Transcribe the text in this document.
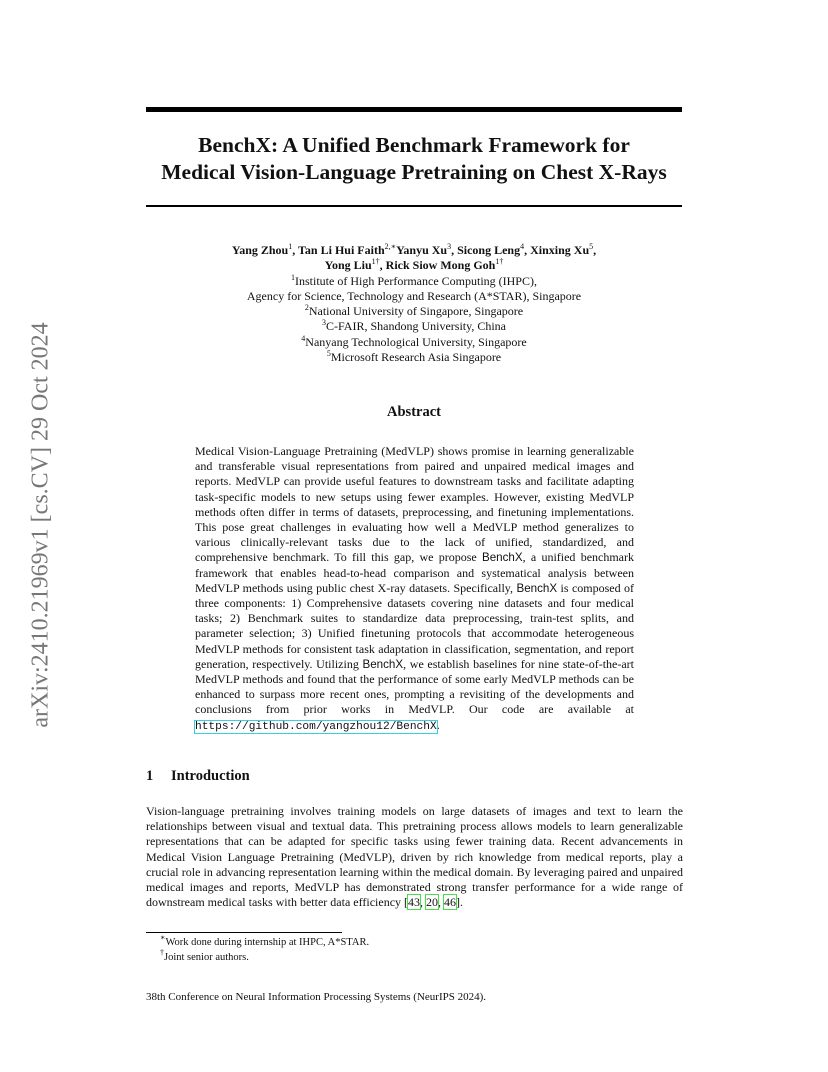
arXiv:2410.21969v1 [cs.CV] 29 Oct 2024
BenchX: A Unified Benchmark Framework for
Medical Vision-Language Pretraining on Chest X-Rays
Yang Zhou$^1$, Tan Li Hui Faith$^{2,∗}$Yanyu Xu$^3$, Sicong Leng$^4$, Xinxing Xu$^5$,
Yong Liu$^{1\dagger}$, Rick Siow Mong Goh$^{1\dagger}$
$^1$Institute of High Performance Computing (IHPC),
Agency for Science, Technology and Research (A*STAR), Singapore
$^2$National University of Singapore, Singapore
$^3$C-FAIR, Shandong University, China
$^4$Nanyang Technological University, Singapore
$^5$Microsoft Research Asia Singapore
Abstract
Medical Vision-Language Pretraining (MedVLP) shows promise in learning generalizable and transferable visual representations from paired and unpaired medical images and reports. MedVLP can provide useful features to downstream tasks and facilitate adapting task-specific models to new setups using fewer examples. However, existing MedVLP methods often differ in terms of datasets, preprocessing, and finetuning implementations. This pose great challenges in evaluating how well a MedVLP method generalizes to various clinically-relevant tasks due to the lack of unified, standardized, and comprehensive benchmark. To fill this gap, we propose BenchX, a unified benchmark framework that enables head-to-head comparison and systematical analysis between MedVLP methods using public chest X-ray datasets. Specifically, BenchX is composed of three components: 1) Comprehensive datasets covering nine datasets and four medical tasks; 2) Benchmark suites to standardize data preprocessing, train-test splits, and parameter selection; 3) Unified finetuning protocols that accommodate heterogeneous MedVLP methods for consistent task adaptation in classification, segmentation, and report generation, respectively. Utilizing BenchX, we establish baselines for nine state-of-the-art MedVLP methods and found that the performance of some early MedVLP methods can be enhanced to surpass more recent ones, prompting a revisiting of the developments and conclusions from prior works in MedVLP. Our code are available at https://github.com/yangzhou12/BenchX.
1 Introduction
Vision-language pretraining involves training models on large datasets of images and text to learn the relationships between visual and textual data. This pretraining process allows models to learn generalizable representations that can be adapted for specific tasks using fewer training data. Recent advancements in Medical Vision Language Pretraining (MedVLP), driven by rich knowledge from medical reports, play a crucial role in advancing representation learning within the medical domain. By leveraging paired and unpaired medical images and reports, MedVLP has demonstrated strong transfer performance for a wide range of downstream medical tasks with better data efficiency [43, 20, 46].
∗Work done during internship at IHPC, A*STAR.
†Joint senior authors.
38th Conference on Neural Information Processing Systems (NeurIPS 2024).
